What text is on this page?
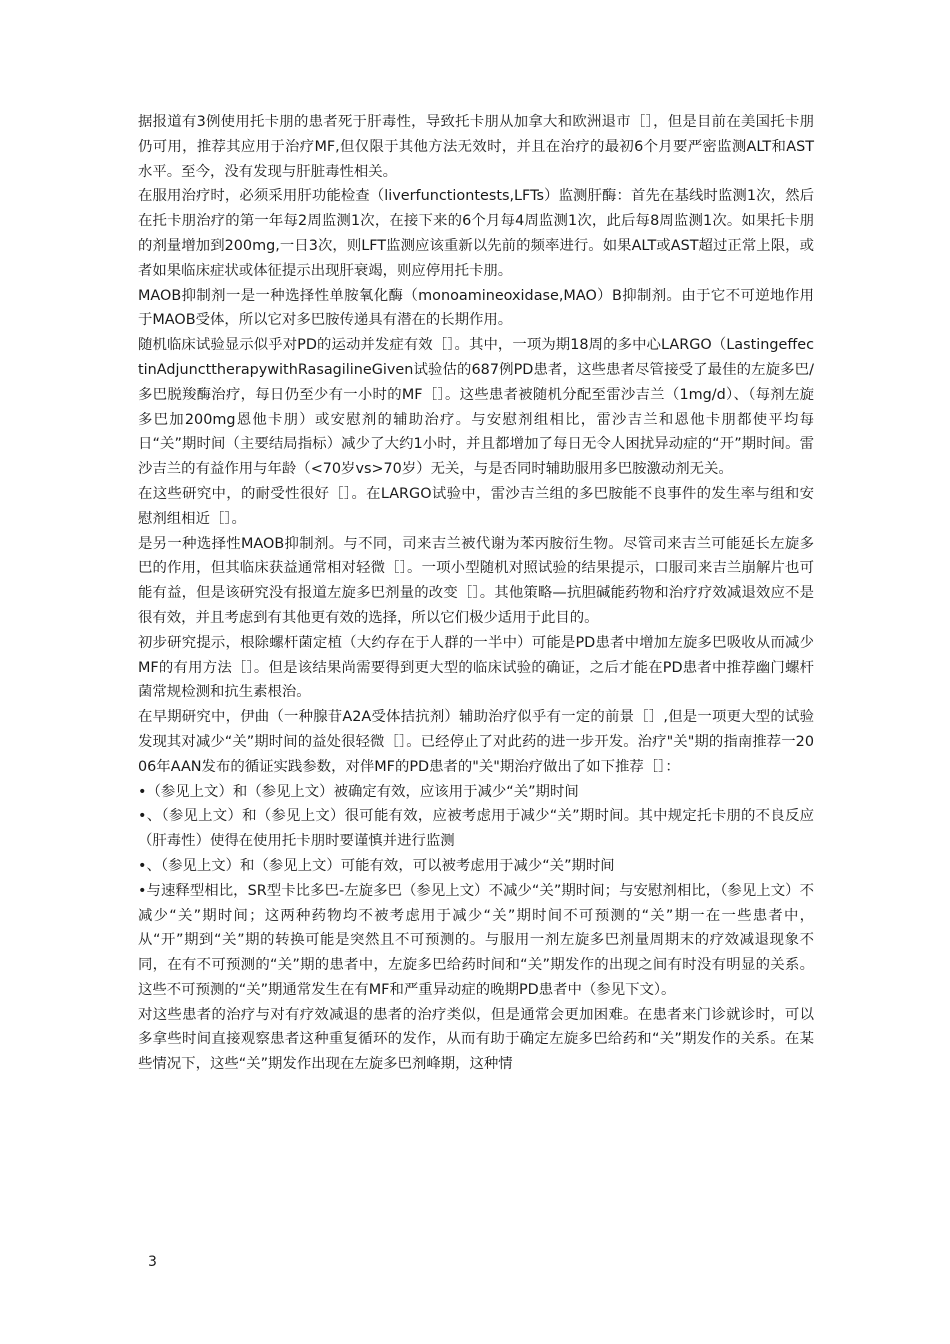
据报道有3例使用托卡朋的患者死于肝毒性，导致托卡朋从加拿大和欧洲退市［］，但是目前在美国托卡朋仍可用，推荐其应用于治疗MF,但仅限于其他方法无效时，并且在治疗的最初6个月要严密监测ALT和AST水平。至今，没有发现与肝脏毒性相关。

在服用治疗时，必须采用肝功能检查（liverfunctiontests,LFTs）监测肝酶：首先在基线时监测1次，然后在托卡朋治疗的第一年每2周监测1次，在接下来的6个月每4周监测1次，此后每8周监测1次。如果托卡朋的剂量增加到200mg,一日3次，则LFT监测应该重新以先前的频率进行。如果ALT或AST超过正常上限，或者如果临床症状或体征提示出现肝衰竭，则应停用托卡朋。

MAOB抑制剂一是一种选择性单胺氧化酶（monoamineoxidase,MAO）B抑制剂。由于它不可逆地作用于MAOB受体，所以它对多巴胺传递具有潜在的长期作用。

随机临床试验显示似乎对PD的运动并发症有效［］。其中，一项为期18周的多中心LARGO（LastingeffectinAdjuncttherapywithRasagilineGiven试验估的687例PD患者，这些患者尽管接受了最佳的左旋多巴/多巴脱羧酶治疗，每日仍至少有一小时的MF［］。这些患者被随机分配至雷沙吉兰（1mg/d）、（每剂左旋多巴加200mg恩他卡朋）或安慰剂的辅助治疗。与安慰剂组相比，雷沙吉兰和恩他卡朋都使平均每日“关”期时间（主要结局指标）减少了大约1小时，并且都增加了每日无令人困扰异动症的“开”期时间。雷沙吉兰的有益作用与年龄（<70岁vs>70岁）无关，与是否同时辅助服用多巴胺激动剂无关。

在这些研究中，的耐受性很好［］。在LARGO试验中，雷沙吉兰组的多巴胺能不良事件的发生率与组和安慰剂组相近［］。

是另一种选择性MAOB抑制剂。与不同，司来吉兰被代谢为苯丙胺衍生物。尽管司来吉兰可能延长左旋多巴的作用，但其临床获益通常相对轻微［］。一项小型随机对照试验的结果提示，口服司来吉兰崩解片也可能有益，但是该研究没有报道左旋多巴剂量的改变［］。其他策略—抗胆碱能药物和治疗疗效减退效应不是很有效，并且考虑到有其他更有效的选择，所以它们极少适用于此目的。

初步研究提示，根除螺杆菌定植（大约存在于人群的一半中）可能是PD患者中增加左旋多巴吸收从而减少MF的有用方法［］。但是该结果尚需要得到更大型的临床试验的确证，之后才能在PD患者中推荐幽门螺杆菌常规检测和抗生素根治。

在早期研究中，伊曲（一种腺苷A2A受体拮抗剂）辅助治疗似乎有一定的前景［］,但是一项更大型的试验发现其对减少“关”期时间的益处很轻微［］。已经停止了对此药的进一步开发。治疗"关"期的指南推荐一2006年AAN发布的循证实践参数，对伴MF的PD患者的"关"期治疗做出了如下推荐［］：

•（参见上文）和（参见上文）被确定有效，应该用于减少“关”期时间

•、（参见上文）和（参见上文）很可能有效，应被考虑用于减少“关”期时间。其中规定托卡朋的不良反应（肝毒性）使得在使用托卡朋时要谨慎并进行监测

•、（参见上文）和（参见上文）可能有效，可以被考虑用于减少“关”期时间

•与速释型相比，SR型卡比多巴-左旋多巴（参见上文）不减少“关”期时间；与安慰剂相比，（参见上文）不减少“关”期时间；这两种药物均不被考虑用于减少“关”期时间不可预测的“关”期一在一些患者中，从“开”期到“关”期的转换可能是突然且不可预测的。与服用一剂左旋多巴剂量周期末的疗效减退现象不同，在有不可预测的“关”期的患者中，左旋多巴给药时间和“关”期发作的出现之间有时没有明显的关系。这些不可预测的“关”期通常发生在有MF和严重异动症的晚期PD患者中（参见下文）。

对这些患者的治疗与对有疗效减退的患者的治疗类似，但是通常会更加困难。在患者来门诊就诊时，可以多拿些时间直接观察患者这种重复循环的发作，从而有助于确定左旋多巴给药和“关”期发作的关系。在某些情况下，这些“关”期发作出现在左旋多巴剂峰期，这种情

3
